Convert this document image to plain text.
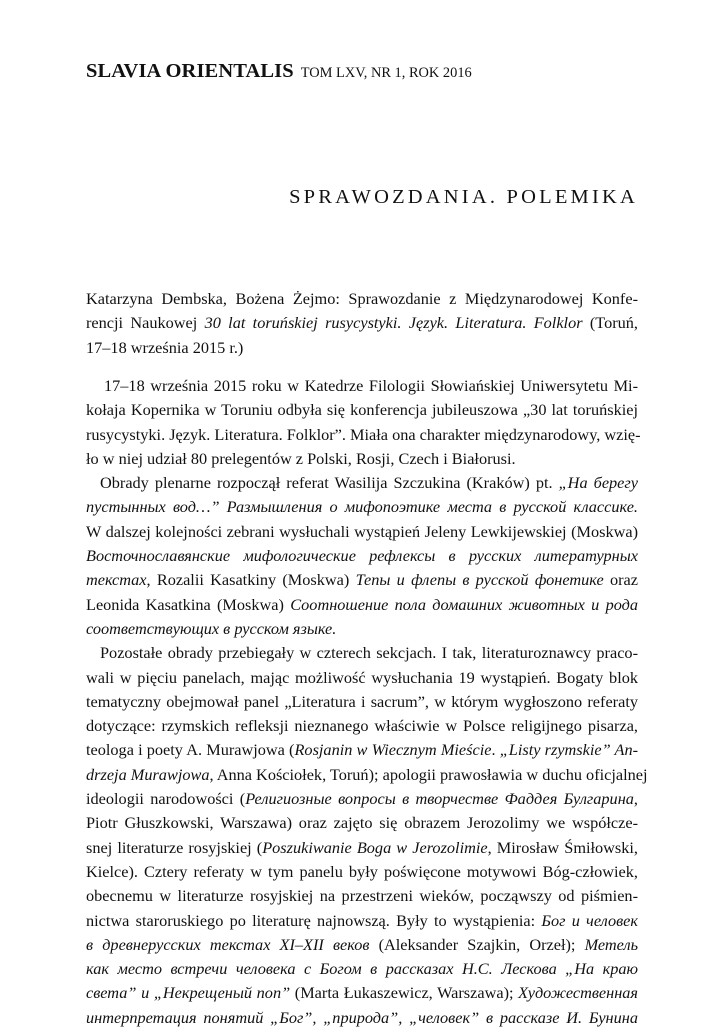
SLAVIA ORIENTALIS TOM LXV, NR 1, ROK 2016
SPRAWOZDANIA. POLEMIKA
Katarzyna Dembska, Bożena Żejmo: Sprawozdanie z Międzynarodowej Konfe-
rencji Naukowej 30 lat toruńskiej rusycystyki. Język. Literatura. Folklor (Toruń,
17–18 września 2015 r.)
17–18 września 2015 roku w Katedrze Filologii Słowiańskiej Uniwersytetu Mi-
kołaja Kopernika w Toruniu odbyła się konferencja jubileuszowa „30 lat toruńskiej
rusycystyki. Język. Literatura. Folklor”. Miała ona charakter międzynarodowy, wzię-
ło w niej udział 80 prelegentów z Polski, Rosji, Czech i Białorusi.
Obrady plenarne rozpoczął referat Wasilija Szczukina (Kraków) pt. „На берегу
пустынных вод…” Размышления о мифопоэтике места в русской классике.
W dalszej kolejności zebrani wysłuchali wystąpień Jeleny Lewkijewskiej (Moskwa)
Восточнославянские мифологические рефлексы в русских литературных
текстах, Rozalii Kasatkiny (Moskwa) Тепы и флепы в русской фонетике oraz
Leonida Kasatkina (Moskwa) Соотношение пола домашних животных и рода
соответствующих в русском языке.
Pozostałe obrady przebiegały w czterech sekcjach. I tak, literaturoznawcy praco-
wali w pięciu panelach, mając możliwość wysłuchania 19 wystąpień. Bogaty blok
tematyczny obejmował panel „Literatura i sacrum”, w którym wygłoszono referaty
dotyczące: rzymskich refleksji nieznanego właściwie w Polsce religijnego pisarza,
teologa i poety A. Murawjowa (Rosjanin w Wiecznym Mieście. „Listy rzymskie” An-
drzeja Murawjowa, Anna Kościołek, Toruń); apologii prawosławia w duchu oficjalnej
ideologii narodowości (Религиозные вопросы в творчестве Фаддея Булгарина,
Piotr Głuszkowski, Warszawa) oraz zajęto się obrazem Jerozolimy we współcze-
snej literaturze rosyjskiej (Poszukiwanie Boga w Jerozolimie, Mirosław Śmiłowski,
Kielce). Cztery referaty w tym panelu były poświęcone motywowi Bóg-człowiek,
obecnemu w literaturze rosyjskiej na przestrzeni wieków, począwszy od piśmien-
nictwa staroruskiego po literaturę najnowszą. Były to wystąpienia: Бог и человек
в древнерусских текстах XI–XII веков (Aleksander Szajkin, Orzeł); Метель
как место встречи человека с Богом в рассказах Н.С. Лескова „На краю
света” и „Некрещеный поп” (Marta Łukaszewicz, Warszawa); Художественная
интерпретация понятий „Бог”, „природа”, „человек” в рассказе И. Бунина
